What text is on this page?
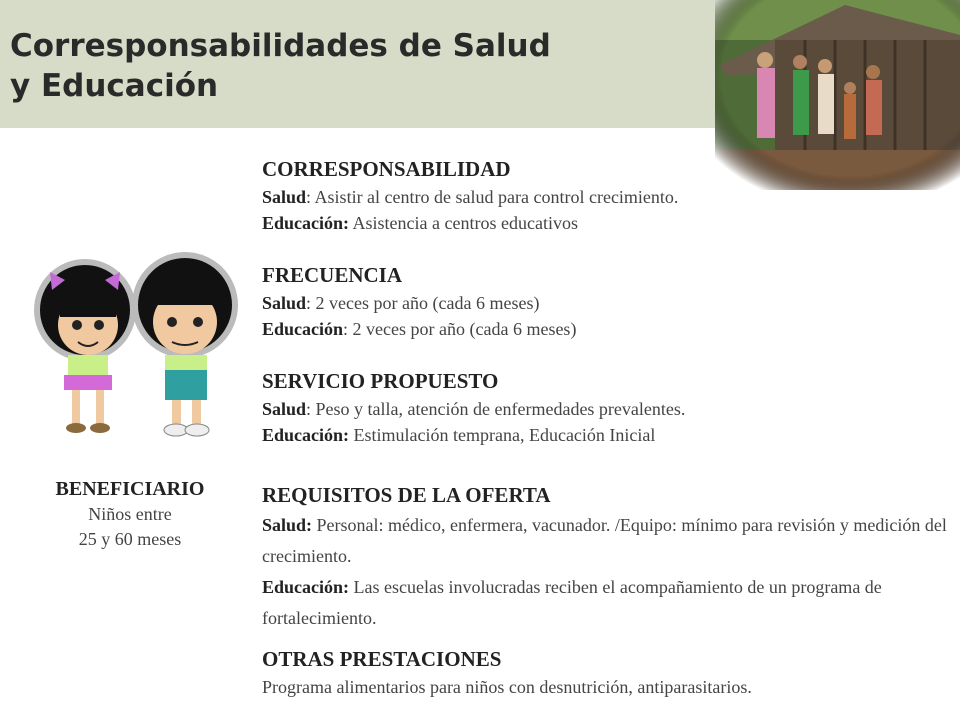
Corresponsabilidades de Salud
y Educación
BENEFICIARIO
Niños entre
25 y 60 meses
CORRESPONSABILIDAD

Salud: Asistir al centro de salud para control crecimiento.

Educación: Asistencia a centros educativos

FRECUENCIA

Salud: 2 veces por año (cada 6 meses)

Educación: 2 veces por año (cada 6 meses)

SERVICIO PROPUESTO

Salud: Peso y talla, atención de enfermedades prevalentes.

Educación: Estimulación temprana, Educación Inicial

REQUISITOS DE LA OFERTA

Salud: Personal: médico, enfermera, vacunador. /Equipo: mínimo para revisión y medición del crecimiento.

Educación: Las escuelas involucradas reciben el acompañamiento de un programa de fortalecimiento.

OTRAS PRESTACIONES

Programa alimentarios para niños con desnutrición, antiparasitarios.
